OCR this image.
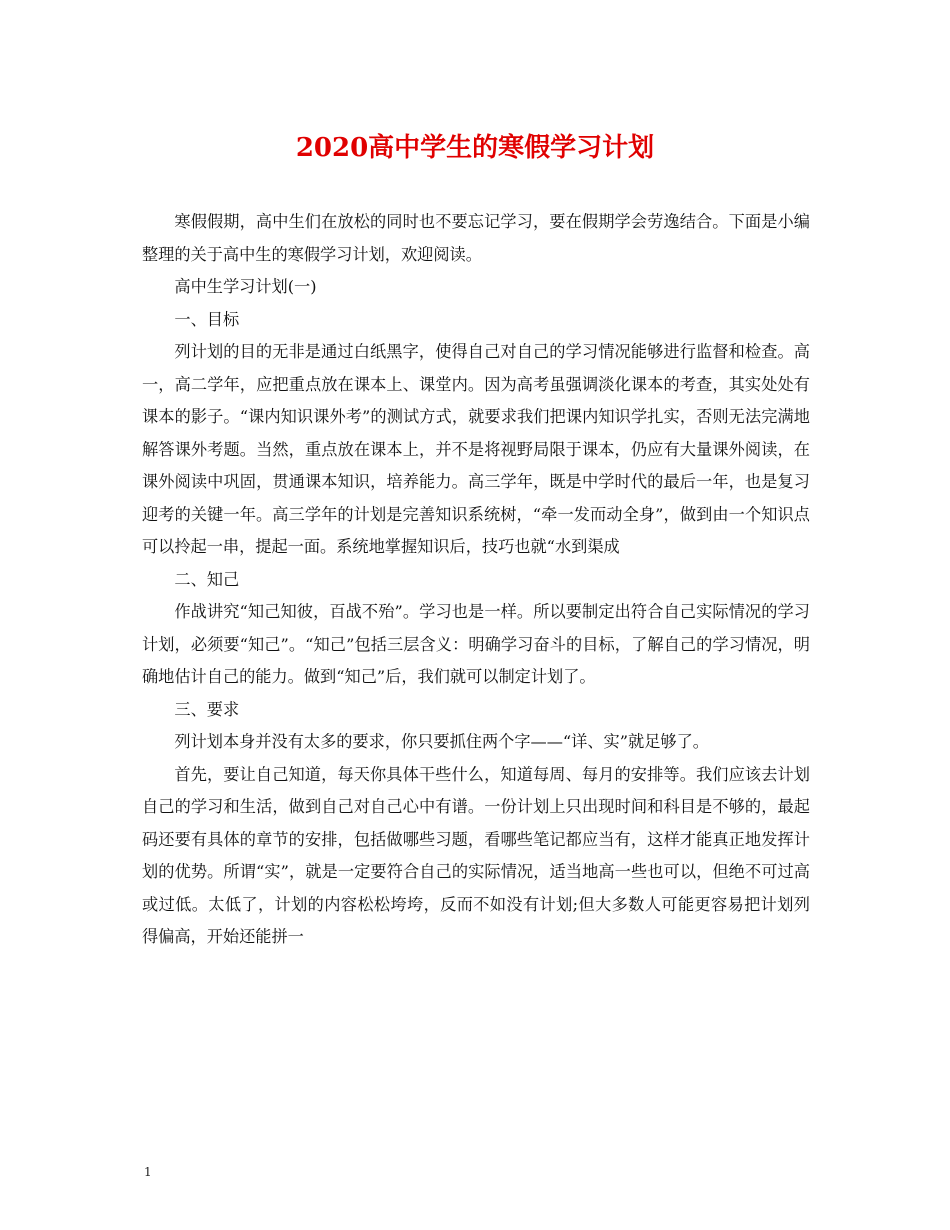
2020高中学生的寒假学习计划

寒假假期，高中生们在放松的同时也不要忘记学习，要在假期学会劳逸结合。下面是小编整理的关于高中生的寒假学习计划，欢迎阅读。

高中生学习计划(一)

一、目标

列计划的目的无非是通过白纸黑字，使得自己对自己的学习情况能够进行监督和检查。高一，高二学年，应把重点放在课本上、课堂内。因为高考虽强调淡化课本的考查，其实处处有课本的影子。“课内知识课外考”的测试方式，就要求我们把课内知识学扎实，否则无法完满地解答课外考题。当然，重点放在课本上，并不是将视野局限于课本，仍应有大量课外阅读，在课外阅读中巩固，贯通课本知识，培养能力。高三学年，既是中学时代的最后一年，也是复习迎考的关键一年。高三学年的计划是完善知识系统树，“牵一发而动全身”，做到由一个知识点可以拎起一串，提起一面。系统地掌握知识后，技巧也就“水到渠成

二、知己

作战讲究“知己知彼，百战不殆”。学习也是一样。所以要制定出符合自己实际情况的学习计划，必须要“知己”。“知己”包括三层含义：明确学习奋斗的目标，了解自己的学习情况，明确地估计自己的能力。做到“知己”后，我们就可以制定计划了。

三、要求

列计划本身并没有太多的要求，你只要抓住两个字——“详、实”就足够了。

首先，要让自己知道，每天你具体干些什么，知道每周、每月的安排等。我们应该去计划自己的学习和生活，做到自己对自己心中有谱。一份计划上只出现时间和科目是不够的，最起码还要有具体的章节的安排，包括做哪些习题，看哪些笔记都应当有，这样才能真正地发挥计划的优势。所谓“实”，就是一定要符合自己的实际情况，适当地高一些也可以，但绝不可过高或过低。太低了，计划的内容松松垮垮，反而不如没有计划;但大多数人可能更容易把计划列得偏高，开始还能拼一

1
